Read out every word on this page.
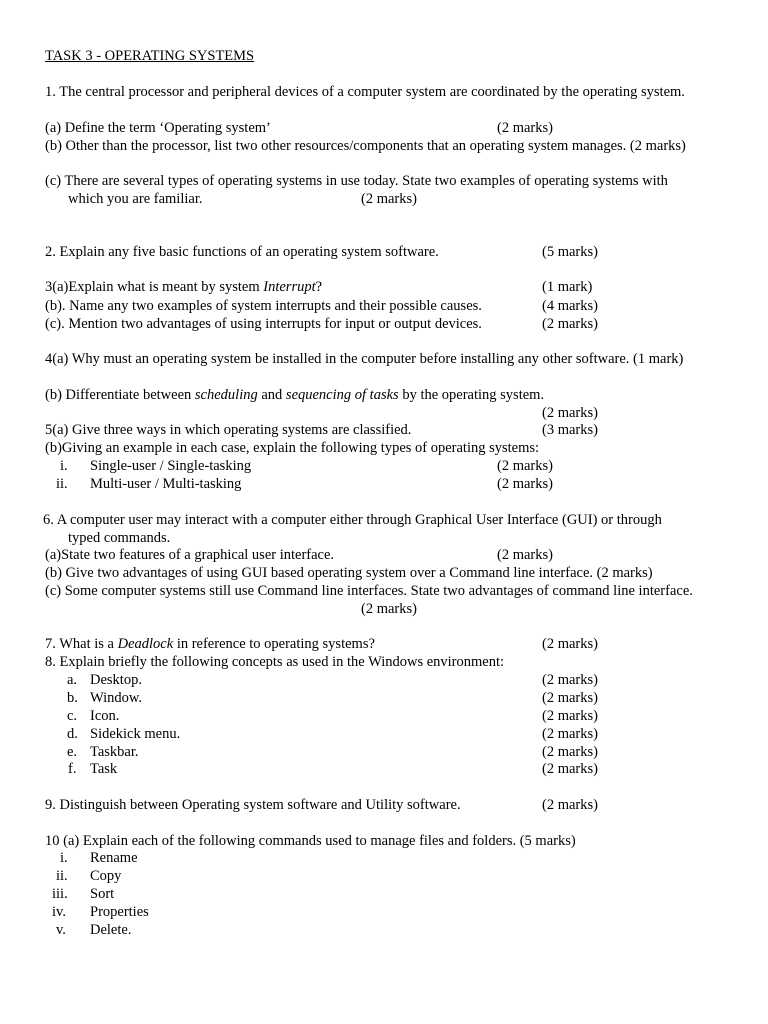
TASK 3 - OPERATING SYSTEMS
1. The central processor and peripheral devices of a computer system are coordinated by the operating system.
(a) Define the term ‘Operating system’	(2 marks)
(b) Other than the processor, list two other resources/components that an operating system manages. (2 marks)
(c) There are several types of operating systems in use today. State two examples of operating systems with
which you are familiar.	(2 marks)
2. Explain any five basic functions of an operating system software.	(5 marks)
3(a)Explain what is meant by system Interrupt?	(1 mark)
(b). Name any two examples of system interrupts and their possible causes.	(4 marks)
(c). Mention two advantages of using interrupts for input or output devices.	(2 marks)
4(a) Why must an operating system be installed in the computer before installing any other software. (1 mark)
(b) Differentiate between scheduling and sequencing of tasks by the operating system.
(2 marks)
5(a) Give three ways in which operating systems are classified.	(3 marks)
(b)Giving an example in each case, explain the following types of operating systems:
i. Single-user / Single-tasking	(2 marks)
ii. Multi-user / Multi-tasking	(2 marks)
6. A computer user may interact with a computer either through Graphical User Interface (GUI) or through
typed commands.
(a)State two features of a graphical user interface.	(2 marks)
(b) Give two advantages of using GUI based operating system over a Command line interface. (2 marks)
(c) Some computer systems still use Command line interfaces. State two advantages of command line interface.
(2 marks)
7. What is a Deadlock in reference to operating systems?	(2 marks)
8. Explain briefly the following concepts as used in the Windows environment:
a. Desktop.	(2 marks)
b. Window.	(2 marks)
c. Icon.	(2 marks)
d. Sidekick menu.	(2 marks)
e. Taskbar.	(2 marks)
f. Task	(2 marks)
9. Distinguish between Operating system software and Utility software.	(2 marks)
10 (a) Explain each of the following commands used to manage files and folders. (5 marks)
i. Rename
ii. Copy
iii. Sort
iv. Properties
v. Delete.
